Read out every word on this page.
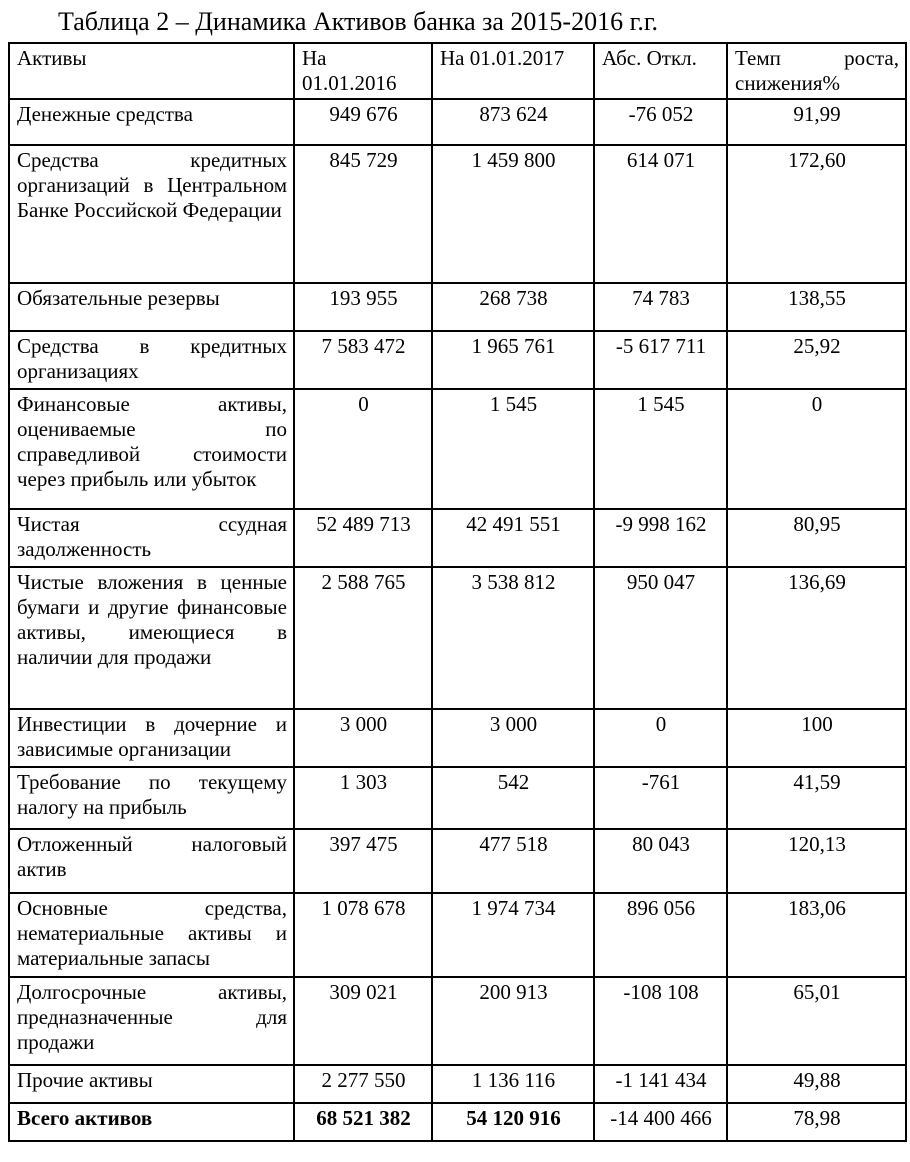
Таблица 2 – Динамика Активов банка за 2015-2016 г.г.
Активы	На 01.01.2016	На 01.01.2017	Абс. Откл.	Темп роста, снижения%
Денежные средства	949 676	873 624	-76 052	91,99
Средства кредитных организаций в Центральном Банке Российской Федерации	845 729	1 459 800	614 071	172,60
Обязательные резервы	193 955	268 738	74 783	138,55
Средства в кредитных организациях	7 583 472	1 965 761	-5 617 711	25,92
Финансовые активы, оцениваемые по справедливой стоимости через прибыль или убыток	0	1 545	1 545	0
Чистая ссудная задолженность	52 489 713	42 491 551	-9 998 162	80,95
Чистые вложения в ценные бумаги и другие финансовые активы, имеющиеся в наличии для продажи	2 588 765	3 538 812	950 047	136,69
Инвестиции в дочерние и зависимые организации	3 000	3 000	0	100
Требование по текущему налогу на прибыль	1 303	542	-761	41,59
Отложенный налоговый актив	397 475	477 518	80 043	120,13
Основные средства, нематериальные активы и материальные запасы	1 078 678	1 974 734	896 056	183,06
Долгосрочные активы, предназначенные для продажи	309 021	200 913	-108 108	65,01
Прочие активы	2 277 550	1 136 116	-1 141 434	49,88
Всего активов	68 521 382	54 120 916	-14 400 466	78,98
